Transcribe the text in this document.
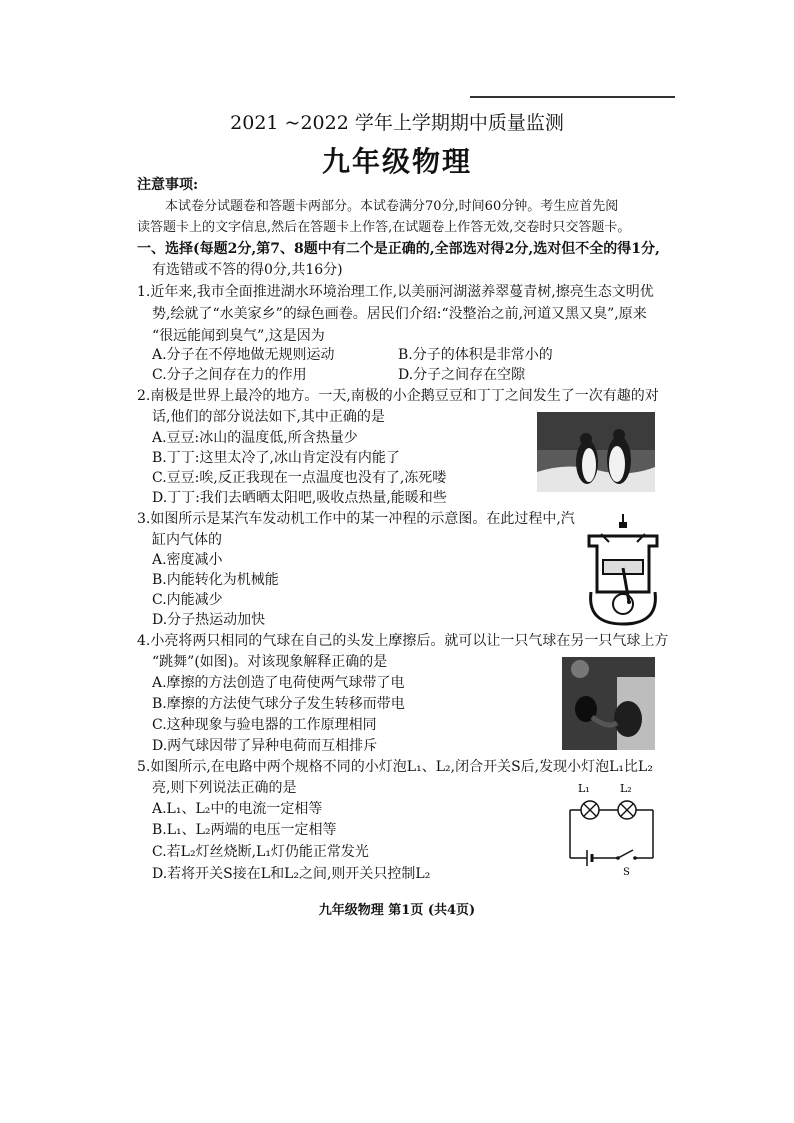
2021 ~2022 学年上学期期中质量监测
九年级物理
注意事项:
本试卷分试题卷和答题卡两部分。本试卷满分70分,时间60分钟。考生应首先阅
读答题卡上的文字信息,然后在答题卡上作答,在试题卷上作答无效,交卷时只交答题卡。
一、选择(每题2分,第7、8题中有二个是正确的,全部选对得2分,选对但不全的得1分,
有选错或不答的得0分,共16分)
1.近年来,我市全面推进湖水环境治理工作,以美丽河湖滋养翠蔓青树,擦亮生态文明优
势,绘就了“水美家乡”的绿色画卷。居民们介绍:“没整治之前,河道又黑又臭”,原来
“很远能闻到臭气”,这是因为
A.分子在不停地做无规则运动	B.分子的体积是非常小的
C.分子之间存在力的作用	D.分子之间存在空隙
2.南极是世界上最冷的地方。一天,南极的小企鹅豆豆和丁丁之间发生了一次有趣的对
话,他们的部分说法如下,其中正确的是
A.豆豆:冰山的温度低,所含热量少
B.丁丁:这里太冷了,冰山肯定没有内能了
C.豆豆:唉,反正我现在一点温度也没有了,冻死喽
D.丁丁:我们去晒晒太阳吧,吸收点热量,能暖和些
3.如图所示是某汽车发动机工作中的某一冲程的示意图。在此过程中,汽
缸内气体的
A.密度减小
B.内能转化为机械能
C.内能减少
D.分子热运动加快
4.小亮将两只相同的气球在自己的头发上摩擦后。就可以让一只气球在另一只气球上方
“跳舞”(如图)。对该现象解释正确的是
A.摩擦的方法创造了电荷使两气球带了电
B.摩擦的方法使气球分子发生转移而带电
C.这种现象与验电器的工作原理相同
D.两气球因带了异种电荷而互相排斥
5.如图所示,在电路中两个规格不同的小灯泡L₁、L₂,闭合开关S后,发现小灯泡L₁比L₂
亮,则下列说法正确的是
A.L₁、L₂中的电流一定相等
B.L₁、L₂两端的电压一定相等
C.若L₂灯丝烧断,L₁灯仍能正常发光
D.若将开关S接在L和L₂之间,则开关只控制L₂
L₁	L₂
S
九年级物理 第1页 (共4页)
